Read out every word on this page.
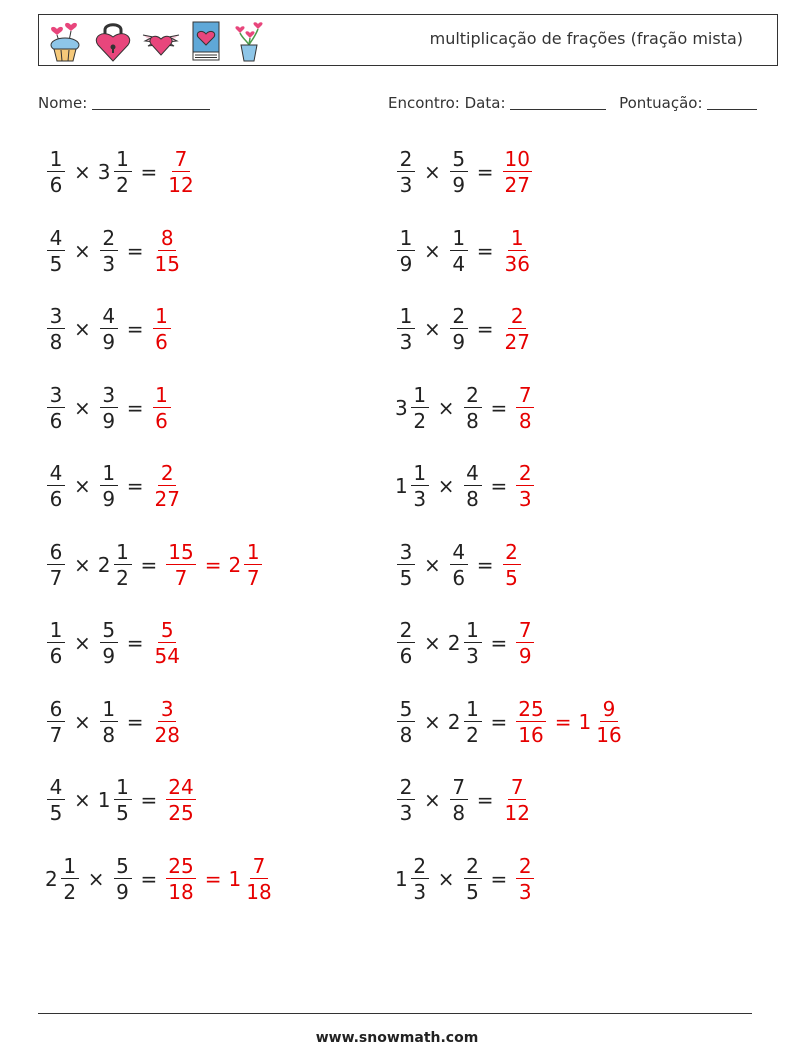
multiplicação de frações (fração mista)
Nome:	Encontro: Data:	Pontuação:
$\frac{1}{6} \times 3 \frac{1}{2} = \frac{7}{12}$	$\frac{2}{3} \times \frac{5}{9} = \frac{10}{27}$
$\frac{4}{5} \times \frac{2}{3} = \frac{8}{15}$	$\frac{1}{9} \times \frac{1}{4} = \frac{1}{36}$
$\frac{3}{8} \times \frac{4}{9} = \frac{1}{6}$	$\frac{1}{3} \times \frac{2}{9} = \frac{2}{27}$
$\frac{3}{6} \times \frac{3}{9} = \frac{1}{6}$	$3 \frac{1}{2} \times \frac{2}{8} = \frac{7}{8}$
$\frac{4}{6} \times \frac{1}{9} = \frac{2}{27}$	$1 \frac{1}{3} \times \frac{4}{8} = \frac{2}{3}$
$\frac{6}{7} \times 2 \frac{1}{2} = \frac{15}{7} = 2 \frac{1}{7}$	$\frac{3}{5} \times \frac{4}{6} = \frac{2}{5}$
$\frac{1}{6} \times \frac{5}{9} = \frac{5}{54}$	$\frac{2}{6} \times 2 \frac{1}{3} = \frac{7}{9}$
$\frac{6}{7} \times \frac{1}{8} = \frac{3}{28}$	$\frac{5}{8} \times 2 \frac{1}{2} = \frac{25}{16} = 1 \frac{9}{16}$
$\frac{4}{5} \times 1 \frac{1}{5} = \frac{24}{25}$	$\frac{2}{3} \times \frac{7}{8} = \frac{7}{12}$
$2 \frac{1}{2} \times \frac{5}{9} = \frac{25}{18} = 1 \frac{7}{18}$	$1 \frac{2}{3} \times \frac{2}{5} = \frac{2}{3}$
www.snowmath.com
